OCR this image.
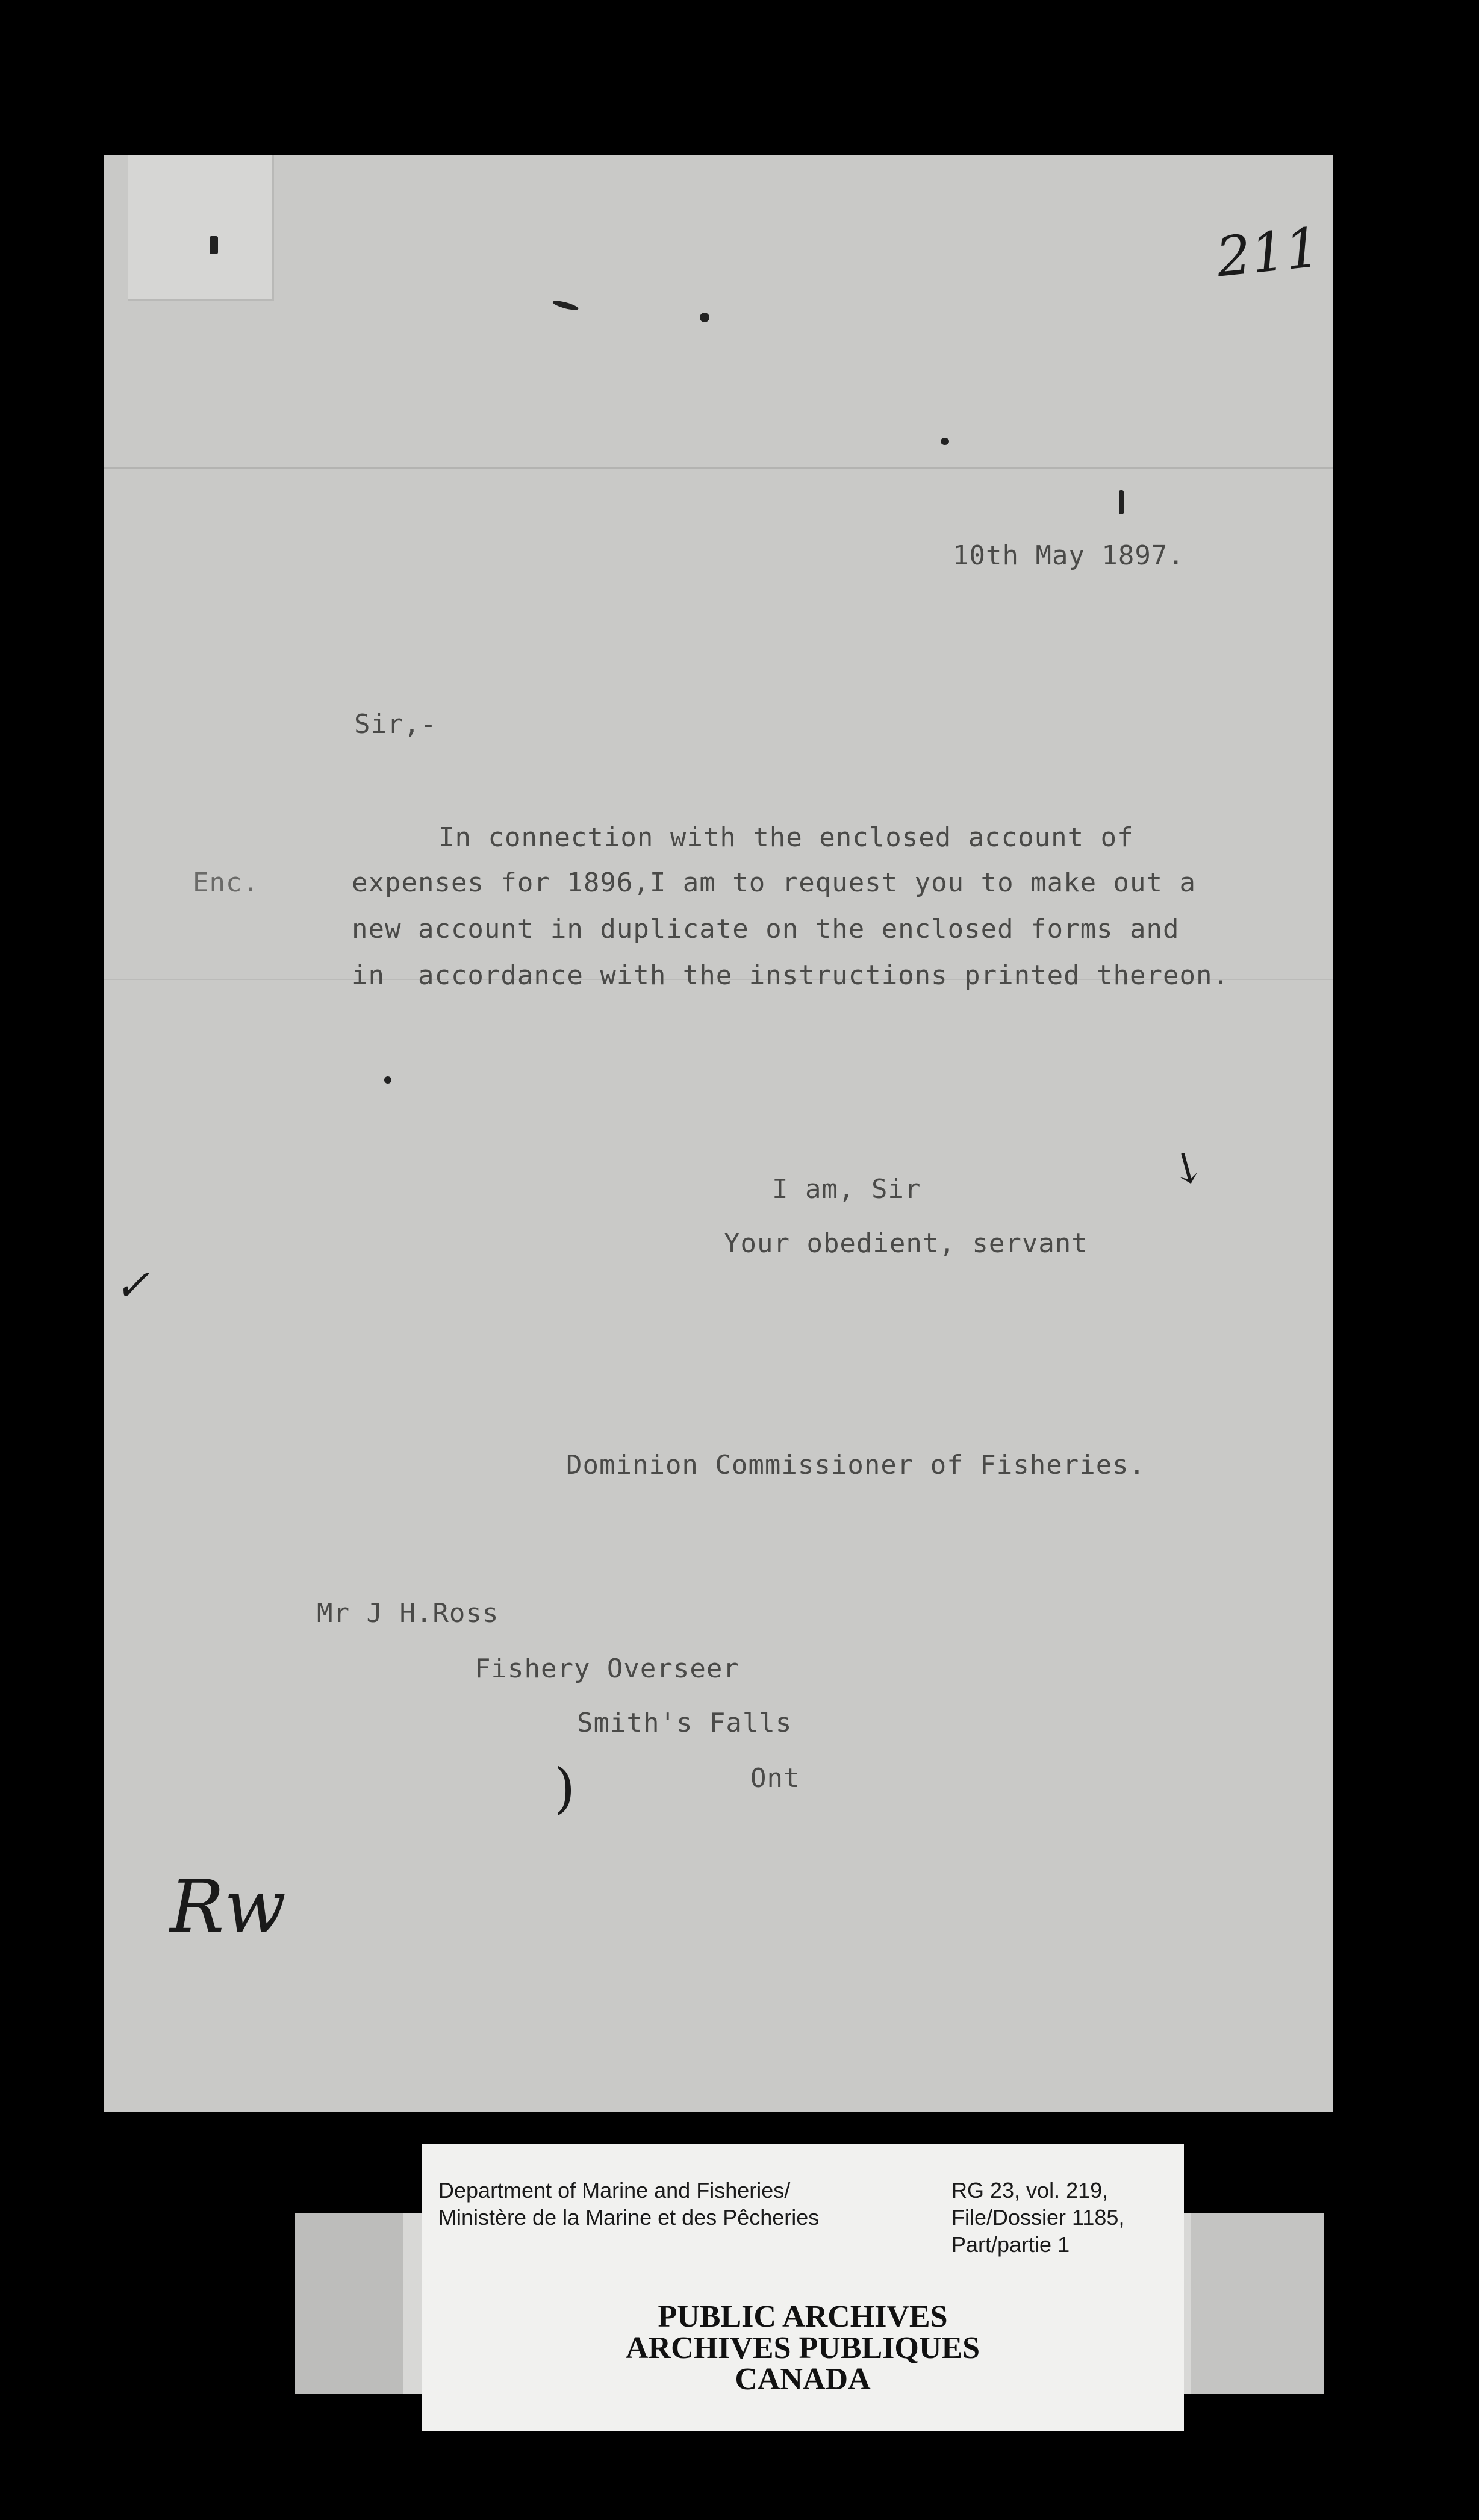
211
10th May 1897.
Sir,-
Enc.
In connection with the enclosed account of
expenses for 1896,I am to request you to make out a
new account in duplicate on the enclosed forms and
in  accordance with the instructions printed thereon.
I am, Sir
Your obedient, servant
Dominion Commissioner of Fisheries.
Mr J H.Ross
Fishery Overseer
Smith's Falls
Ont
)
✓
↘
Rw
Department of Marine and Fisheries/
Ministère de la Marine et des Pêcheries
RG 23, vol. 219,
File/Dossier 1185,
Part/partie 1
PUBLIC ARCHIVES
ARCHIVES PUBLIQUES
CANADA
